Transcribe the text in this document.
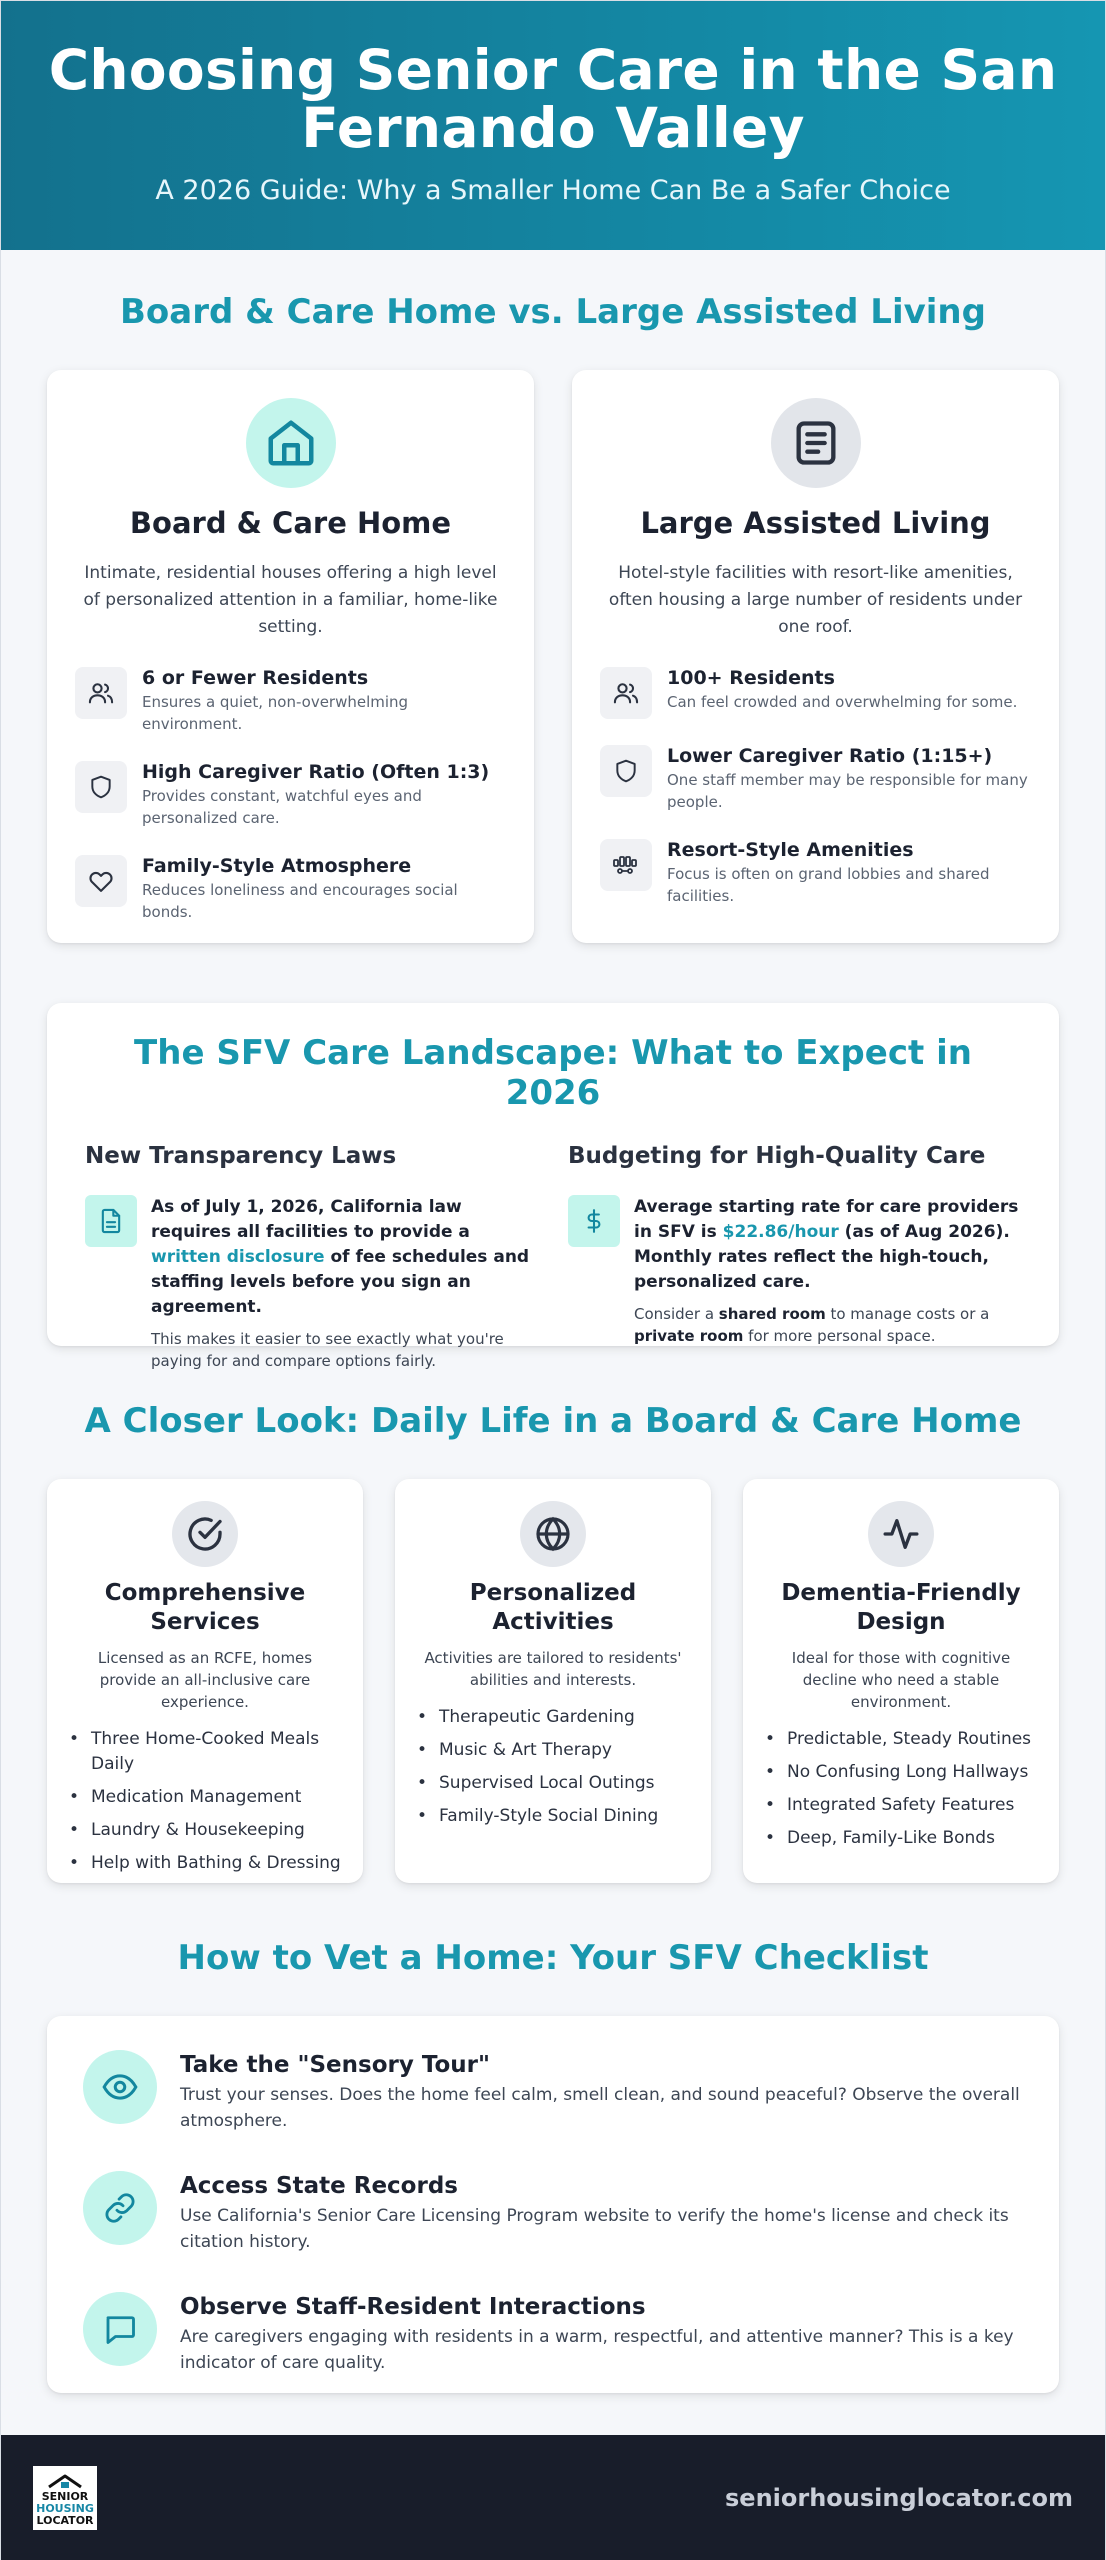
Choosing Senior Care in the San Fernando Valley

A 2026 Guide: Why a Smaller Home Can Be a Safer Choice

Board & Care Home vs. Large Assisted Living
Board & Care Home

Intimate, residential houses offering a high level of personalized attention in a familiar, home-like setting.

6 or Fewer Residents
Ensures a quiet, non-overwhelming environment.
High Caregiver Ratio (Often 1:3)
Provides constant, watchful eyes and personalized care.
Family-Style Atmosphere
Reduces loneliness and encourages social bonds.
Large Assisted Living

Hotel-style facilities with resort-like amenities, often housing a large number of residents under one roof.

100+ Residents
Can feel crowded and overwhelming for some.
Lower Caregiver Ratio (1:15+)
One staff member may be responsible for many people.
Resort-Style Amenities
Focus is often on grand lobbies and shared facilities.
The SFV Care Landscape: What to Expect in 2026
New Transparency Laws

As of July 1, 2026, California law requires all facilities to provide a written disclosure of fee schedules and staffing levels before you sign an agreement.

This makes it easier to see exactly what you're paying for and compare options fairly.

Budgeting for High-Quality Care

Average starting rate for care providers in SFV is $22.86/hour (as of Aug 2026). Monthly rates reflect the high-touch, personalized care.

Consider a shared room to manage costs or a private room for more personal space.

A Closer Look: Daily Life in a Board & Care Home
Comprehensive Services

Licensed as an RCFE, homes provide an all-inclusive care experience.

• Three Home-Cooked Meals Daily
• Medication Management
• Laundry & Housekeeping
• Help with Bathing & Dressing
Personalized Activities

Activities are tailored to residents' abilities and interests.

• Therapeutic Gardening
• Music & Art Therapy
• Supervised Local Outings
• Family-Style Social Dining
Dementia-Friendly Design

Ideal for those with cognitive decline who need a stable environment.

• Predictable, Steady Routines
• No Confusing Long Hallways
• Integrated Safety Features
• Deep, Family-Like Bonds
How to Vet a Home: Your SFV Checklist
Take the "Sensory Tour"
Trust your senses. Does the home feel calm, smell clean, and sound peaceful? Observe the overall atmosphere.
Access State Records
Use California's Senior Care Licensing Program website to verify the home's license and check its citation history.
Observe Staff-Resident Interactions
Are caregivers engaging with residents in a warm, respectful, and attentive manner? This is a key indicator of care quality.
SENIOR
HOUSING
LOCATOR
seniorhousinglocator.com
